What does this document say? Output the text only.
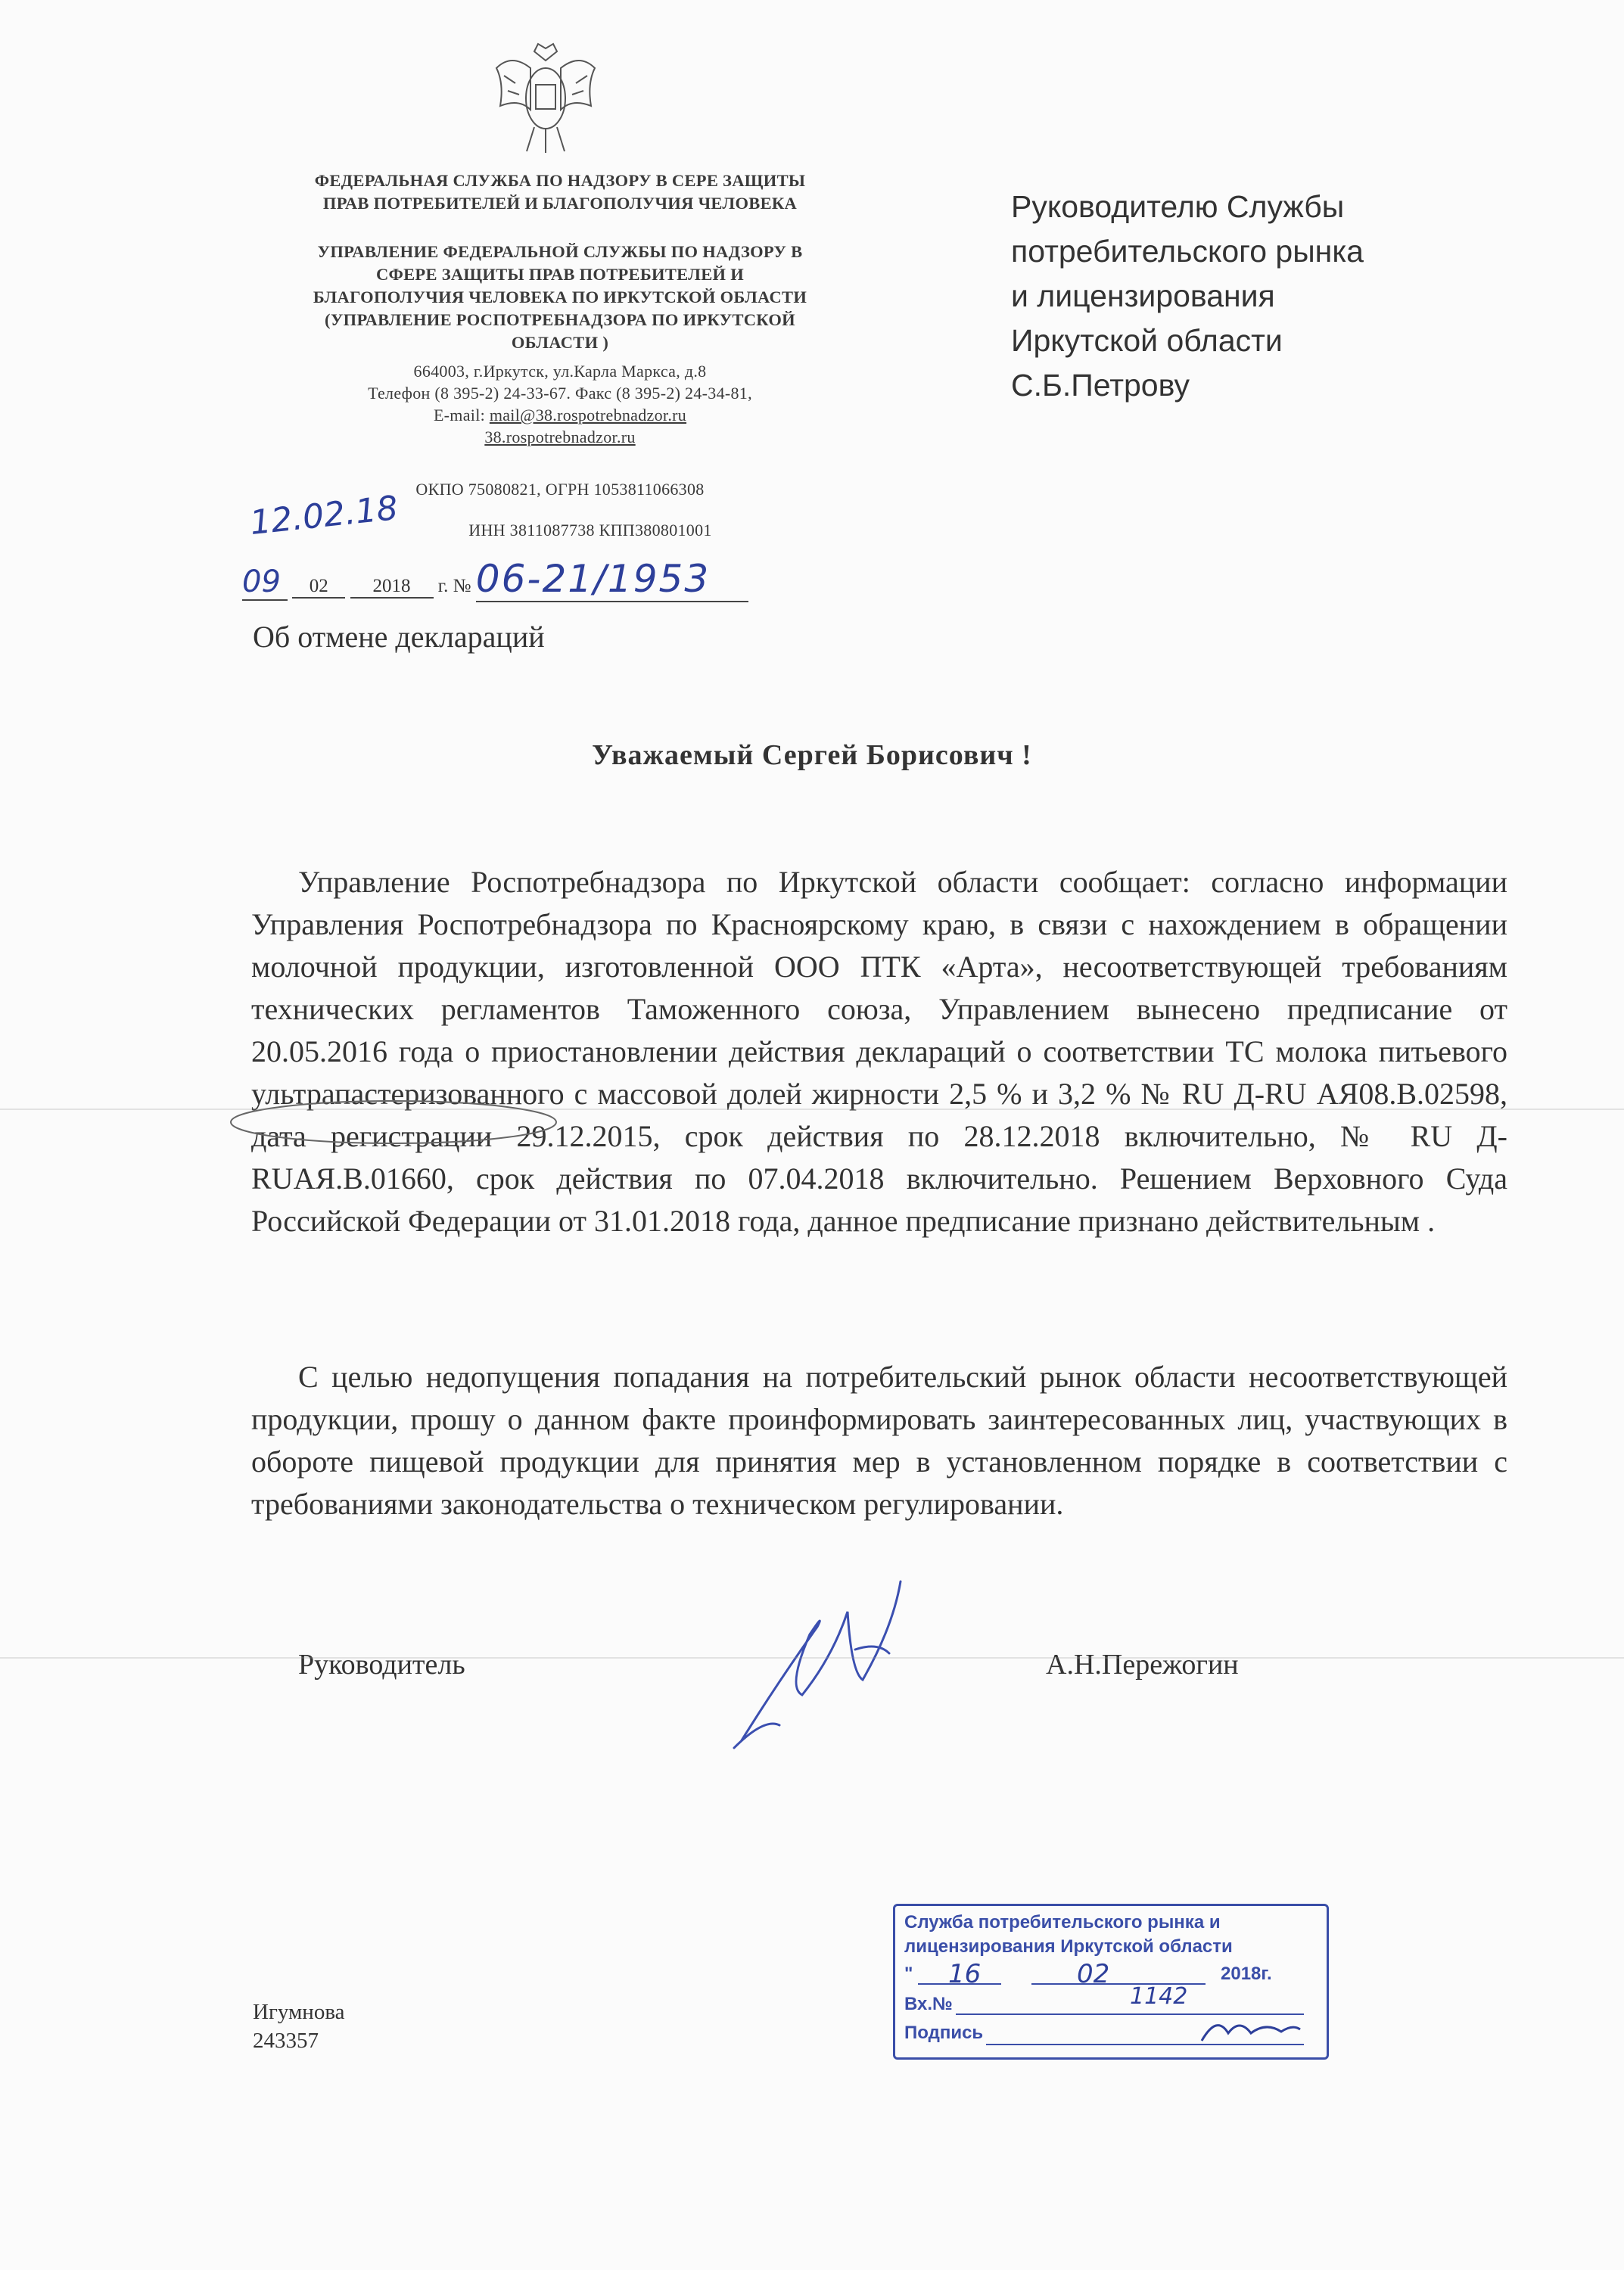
ФЕДЕРАЛЬНАЯ СЛУЖБА ПО НАДЗОРУ В СЕРЕ ЗАЩИТЫ
ПРАВ ПОТРЕБИТЕЛЕЙ И БЛАГОПОЛУЧИЯ ЧЕЛОВЕКА
УПРАВЛЕНИЕ ФЕДЕРАЛЬНОЙ СЛУЖБЫ ПО НАДЗОРУ В
СФЕРЕ ЗАЩИТЫ ПРАВ ПОТРЕБИТЕЛЕЙ И
БЛАГОПОЛУЧИЯ ЧЕЛОВЕКА ПО ИРКУТСКОЙ ОБЛАСТИ
(УПРАВЛЕНИЕ РОСПОТРЕБНАДЗОРА ПО ИРКУТСКОЙ
ОБЛАСТИ )
664003, г.Иркутск, ул.Карла Маркса, д.8
Телефон (8 395-2) 24-33-67. Факс (8 395-2) 24-34-81,
E-mail: mail@38.rospotrebnadzor.ru
38.rospotrebnadzor.ru
ОКПО 75080821, ОГРН 1053811066308
ИНН 3811087738 КПП380801001
12.02.18
09 02 2018 г. № 06-21/1953
Руководителю Службы
потребительского рынка
и лицензирования
Иркутской области
С.Б.Петрову
Об отмене деклараций
Уважаемый Сергей Борисович !

Управление Роспотребнадзора по Иркутской области сообщает: согласно информации Управления Роспотребнадзора по Красноярскому краю, в связи с нахождением в обращении молочной продукции, изготовленной ООО ПТК «Арта», несоответствующей требованиям технических регламентов Таможенного союза, Управлением вынесено предписание от 20.05.2016 года о приостановлении действия деклараций о соответствии ТС молока питьевого ультрапастеризованного с массовой долей жирности 2,5 % и 3,2 % № RU Д-RU АЯ08.В.02598, дата регистрации 29.12.2015, срок действия по 28.12.2018 включительно, № RU Д- RUАЯ.В.01660, срок действия по 07.04.2018 включительно. Решением Верховного Суда Российской Федерации от 31.01.2018 года, данное предписание признано действительным .

С целью недопущения попадания на потребительский рынок области несоответствующей продукции, прошу о данном факте проинформировать заинтересованных лиц, участвующих в обороте пищевой продукции для принятия мер в установленном порядке в соответствии с требованиями законодательства о техническом регулировании.

Руководитель	А.Н.Пережогин
Игумнова
243357
Служба потребительского рынка и
лицензирования Иркутской области
" 16	02	2018г.
Вх.№	1142
Подпись
